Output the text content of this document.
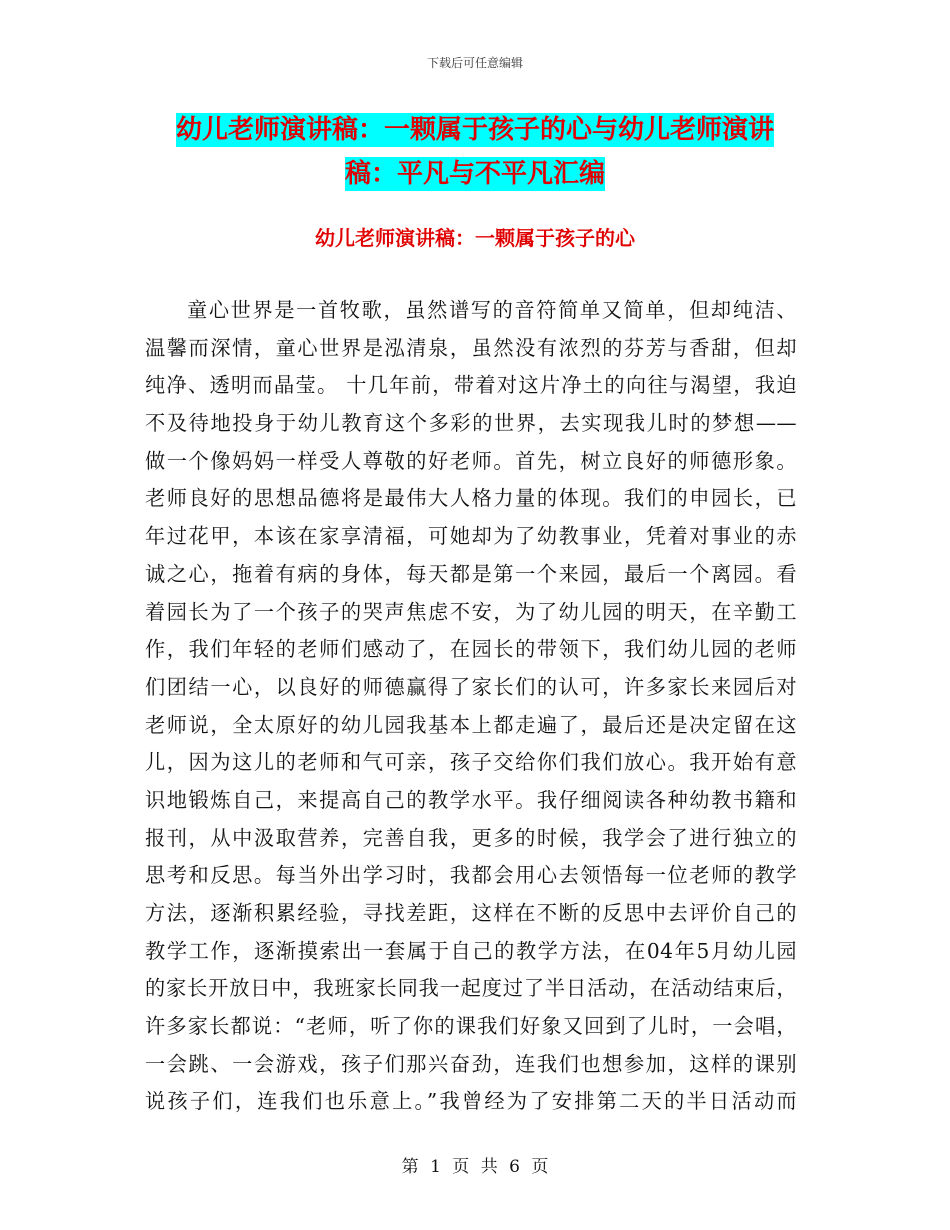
下载后可任意编辑
幼儿老师演讲稿：一颗属于孩子的心与幼儿老师演讲
稿：平凡与不平凡汇编
幼儿老师演讲稿：一颗属于孩子的心
童心世界是一首牧歌，虽然谱写的音符简单又简单，但却纯洁、
温馨而深情，童心世界是泓清泉，虽然没有浓烈的芬芳与香甜，但却
纯净、透明而晶莹。 十几年前，带着对这片净土的向往与渴望，我迫
不及待地投身于幼儿教育这个多彩的世界，去实现我儿时的梦想——
做一个像妈妈一样受人尊敬的好老师。首先，树立良好的师德形象。
老师良好的思想品德将是最伟大人格力量的体现。我们的申园长，已
年过花甲，本该在家享清福，可她却为了幼教事业，凭着对事业的赤
诚之心，拖着有病的身体，每天都是第一个来园，最后一个离园。看
着园长为了一个孩子的哭声焦虑不安，为了幼儿园的明天，在辛勤工
作，我们年轻的老师们感动了，在园长的带领下，我们幼儿园的老师
们团结一心，以良好的师德赢得了家长们的认可，许多家长来园后对
老师说，全太原好的幼儿园我基本上都走遍了，最后还是决定留在这
儿，因为这儿的老师和气可亲，孩子交给你们我们放心。我开始有意
识地锻炼自己，来提高自己的教学水平。我仔细阅读各种幼教书籍和
报刊，从中汲取营养，完善自我，更多的时候，我学会了进行独立的
思考和反思。每当外出学习时，我都会用心去领悟每一位老师的教学
方法，逐渐积累经验，寻找差距，这样在不断的反思中去评价自己的
教学工作，逐渐摸索出一套属于自己的教学方法，在04年5月幼儿园
的家长开放日中，我班家长同我一起度过了半日活动，在活动结束后，
许多家长都说：“老师，听了你的课我们好象又回到了儿时，一会唱，
一会跳、一会游戏，孩子们那兴奋劲，连我们也想参加，这样的课别
说孩子们，连我们也乐意上。”我曾经为了安排第二天的半日活动而
第 1 页 共 6 页
